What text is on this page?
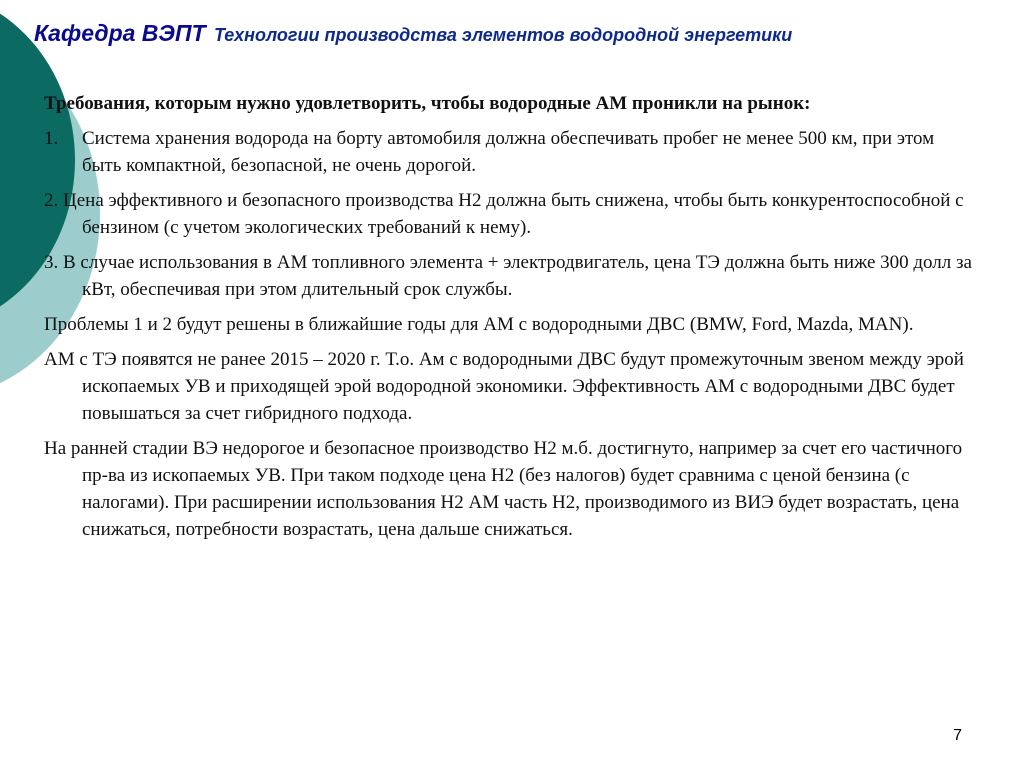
Кафедра ВЭПТ Технологии производства элементов водородной энергетики

Требования, которым нужно удовлетворить, чтобы водородные АМ проникли на рынок:

1. Система хранения водорода на борту автомобиля должна обеспечивать пробег не менее 500 км, при этом быть компактной, безопасной, не очень дорогой.

2. Цена эффективного и безопасного производства Н2 должна быть снижена, чтобы быть конкурентоспособной с бензином (с учетом экологических требований к нему).

3. В случае использования в АМ топливного элемента + электродвигатель, цена ТЭ должна быть ниже 300 долл за кВт, обеспечивая при этом длительный срок службы.

Проблемы 1 и 2 будут решены в ближайшие годы для АМ с водородными ДВС (BMW, Ford, Mazda, MAN).

АМ с ТЭ появятся не ранее 2015 – 2020 г. Т.о. Ам с водородными ДВС будут промежуточным звеном между эрой ископаемых УВ и приходящей эрой водородной экономики. Эффективность АМ с водородными ДВС будет повышаться за счет гибридного подхода.

На ранней стадии ВЭ недорогое и безопасное производство Н2 м.б. достигнуто, например за счет его частичного пр-ва из ископаемых УВ. При таком подходе цена Н2 (без налогов) будет сравнима с ценой бензина (с налогами). При расширении использования Н2 АМ часть Н2, производимого из ВИЭ будет возрастать, цена снижаться, потребности возрастать, цена дальше снижаться.

7
